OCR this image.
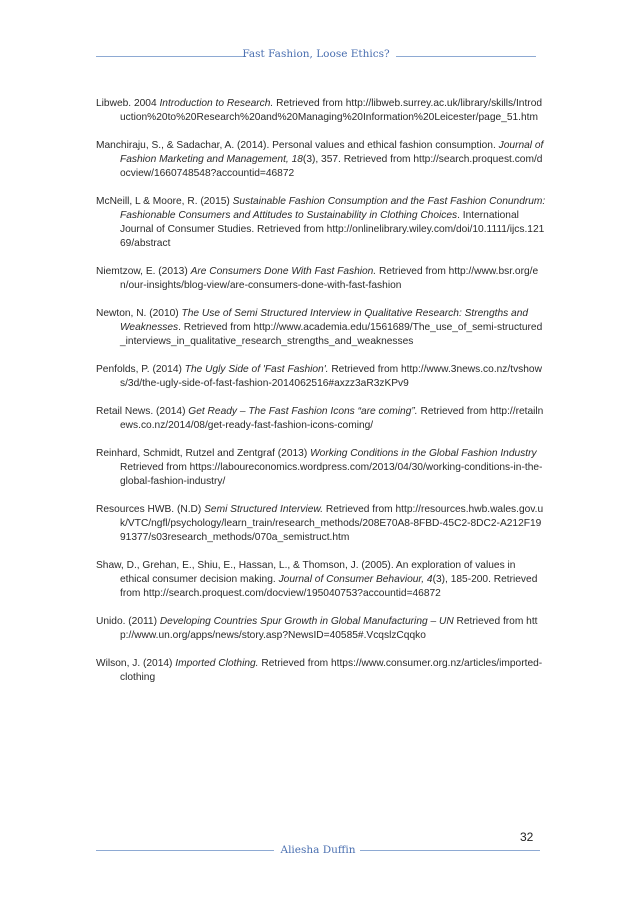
Fast Fashion, Loose Ethics?

Libweb. 2004 Introduction to Research. Retrieved from http://libweb.surrey.ac.uk/library/skills/Introduction%20to%20Research%20and%20Managing%20Information%20Leicester/page_51.htm

Manchiraju, S., & Sadachar, A. (2014). Personal values and ethical fashion consumption. Journal of Fashion Marketing and Management, 18(3), 357. Retrieved from http://search.proquest.com/docview/1660748548?accountid=46872

McNeill, L & Moore, R. (2015) Sustainable Fashion Consumption and the Fast Fashion Conundrum: Fashionable Consumers and Attitudes to Sustainability in Clothing Choices. International Journal of Consumer Studies. Retrieved from http://onlinelibrary.wiley.com/doi/10.1111/ijcs.12169/abstract

Niemtzow, E. (2013) Are Consumers Done With Fast Fashion. Retrieved from http://www.bsr.org/en/our-insights/blog-view/are-consumers-done-with-fast-fashion

Newton, N. (2010) The Use of Semi Structured Interview in Qualitative Research: Strengths and Weaknesses. Retrieved from http://www.academia.edu/1561689/The_use_of_semi-structured_interviews_in_qualitative_research_strengths_and_weaknesses

Penfolds, P. (2014) The Ugly Side of 'Fast Fashion'. Retrieved from http://www.3news.co.nz/tvshows/3d/the-ugly-side-of-fast-fashion-2014062516#axzz3aR3zKPv9

Retail News. (2014) Get Ready – The Fast Fashion Icons “are coming”. Retrieved from http://retailnews.co.nz/2014/08/get-ready-fast-fashion-icons-coming/

Reinhard, Schmidt, Rutzel and Zentgraf (2013) Working Conditions in the Global Fashion Industry Retrieved from https://laboureconomics.wordpress.com/2013/04/30/working-conditions-in-the-global-fashion-industry/

Resources HWB. (N.D) Semi Structured Interview. Retrieved from http://resources.hwb.wales.gov.uk/VTC/ngfl/psychology/learn_train/research_methods/208E70A8-8FBD-45C2-8DC2-A212F1991377/s03research_methods/070a_semistruct.htm

Shaw, D., Grehan, E., Shiu, E., Hassan, L., & Thomson, J. (2005). An exploration of values in ethical consumer decision making. Journal of Consumer Behaviour, 4(3), 185-200. Retrieved from http://search.proquest.com/docview/195040753?accountid=46872

Unido. (2011) Developing Countries Spur Growth in Global Manufacturing – UN Retrieved from http://www.un.org/apps/news/story.asp?NewsID=40585#.VcqslzCqqko

Wilson, J. (2014) Imported Clothing. Retrieved from https://www.consumer.org.nz/articles/imported-clothing

32
Aliesha Duffin
